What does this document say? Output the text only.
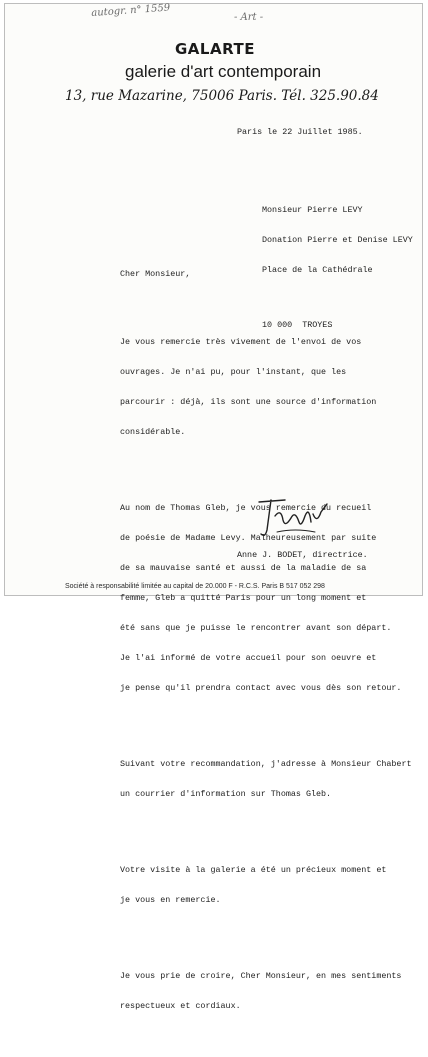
autogr. n° 1559	- Art -
GALARTE
galerie d'art contemporain
13, rue Mazarine, 75006 Paris. Tél. 325.90.84
Paris le 22 Juillet 1985.

Monsieur Pierre LEVY

Donation Pierre et Denise LEVY

Place de la Cathédrale

10 000  TROYES

Cher Monsieur,

Je vous remercie très vivement de l'envoi de vos

ouvrages. Je n'ai pu, pour l'instant, que les

parcourir : déjà, ils sont une source d'information

considérable.

Au nom de Thomas Gleb, je vous remercie du recueil

de poésie de Madame Levy. Malheureusement par suite

de sa mauvaise santé et aussi de la maladie de sa

femme, Gleb a quitté Paris pour un long moment et

été sans que je puisse le rencontrer avant son départ.

Je l'ai informé de votre accueil pour son oeuvre et

je pense qu'il prendra contact avec vous dès son retour.

Suivant votre recommandation, j'adresse à Monsieur Chabert

un courrier d'information sur Thomas Gleb.

Votre visite à la galerie a été un précieux moment et

je vous en remercie.

Je vous prie de croire, Cher Monsieur, en mes sentiments

respectueux et cordiaux.

Anne J. BODET, directrice.
Société à responsabilité limitée au capital de 20.000 F - R.C.S. Paris B 517 052 298
